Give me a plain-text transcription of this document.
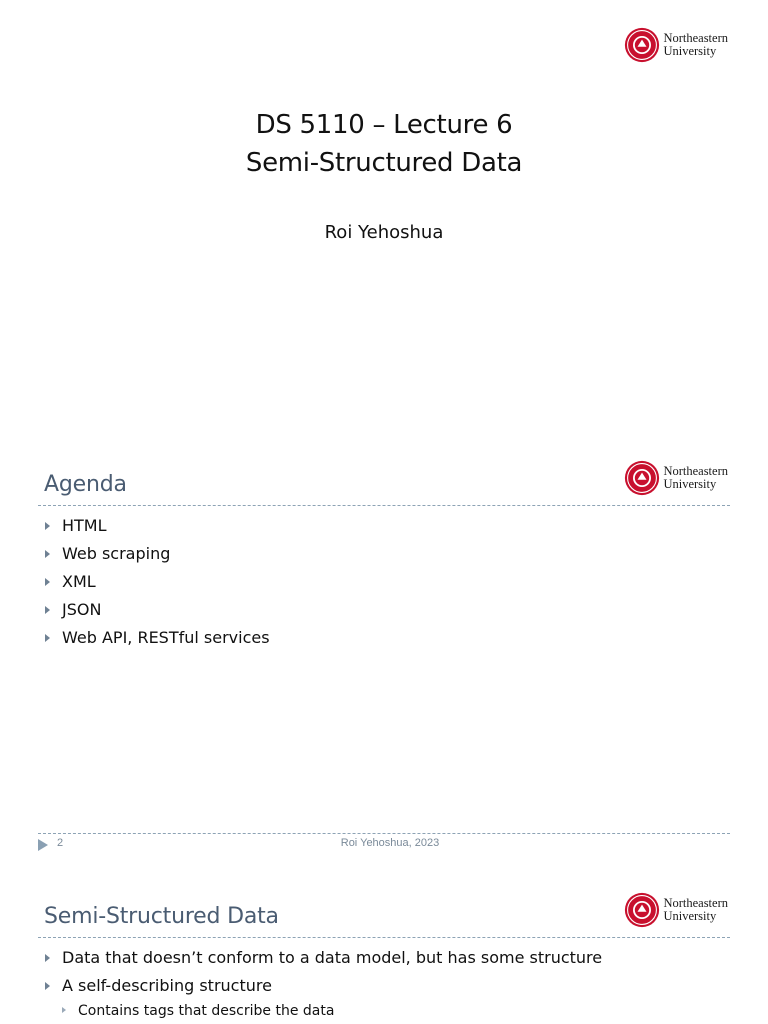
Northeastern
University
DS 5110 – Lecture 6
Semi-Structured Data
Roi Yehoshua
Agenda
Northeastern
University
HTML
Web scraping
XML
JSON
Web API, RESTful services
2	Roi Yehoshua, 2023
Semi-Structured Data
Northeastern
University
Data that doesn’t conform to a data model, but has some structure
A self-describing structure
Contains tags that describe the data
